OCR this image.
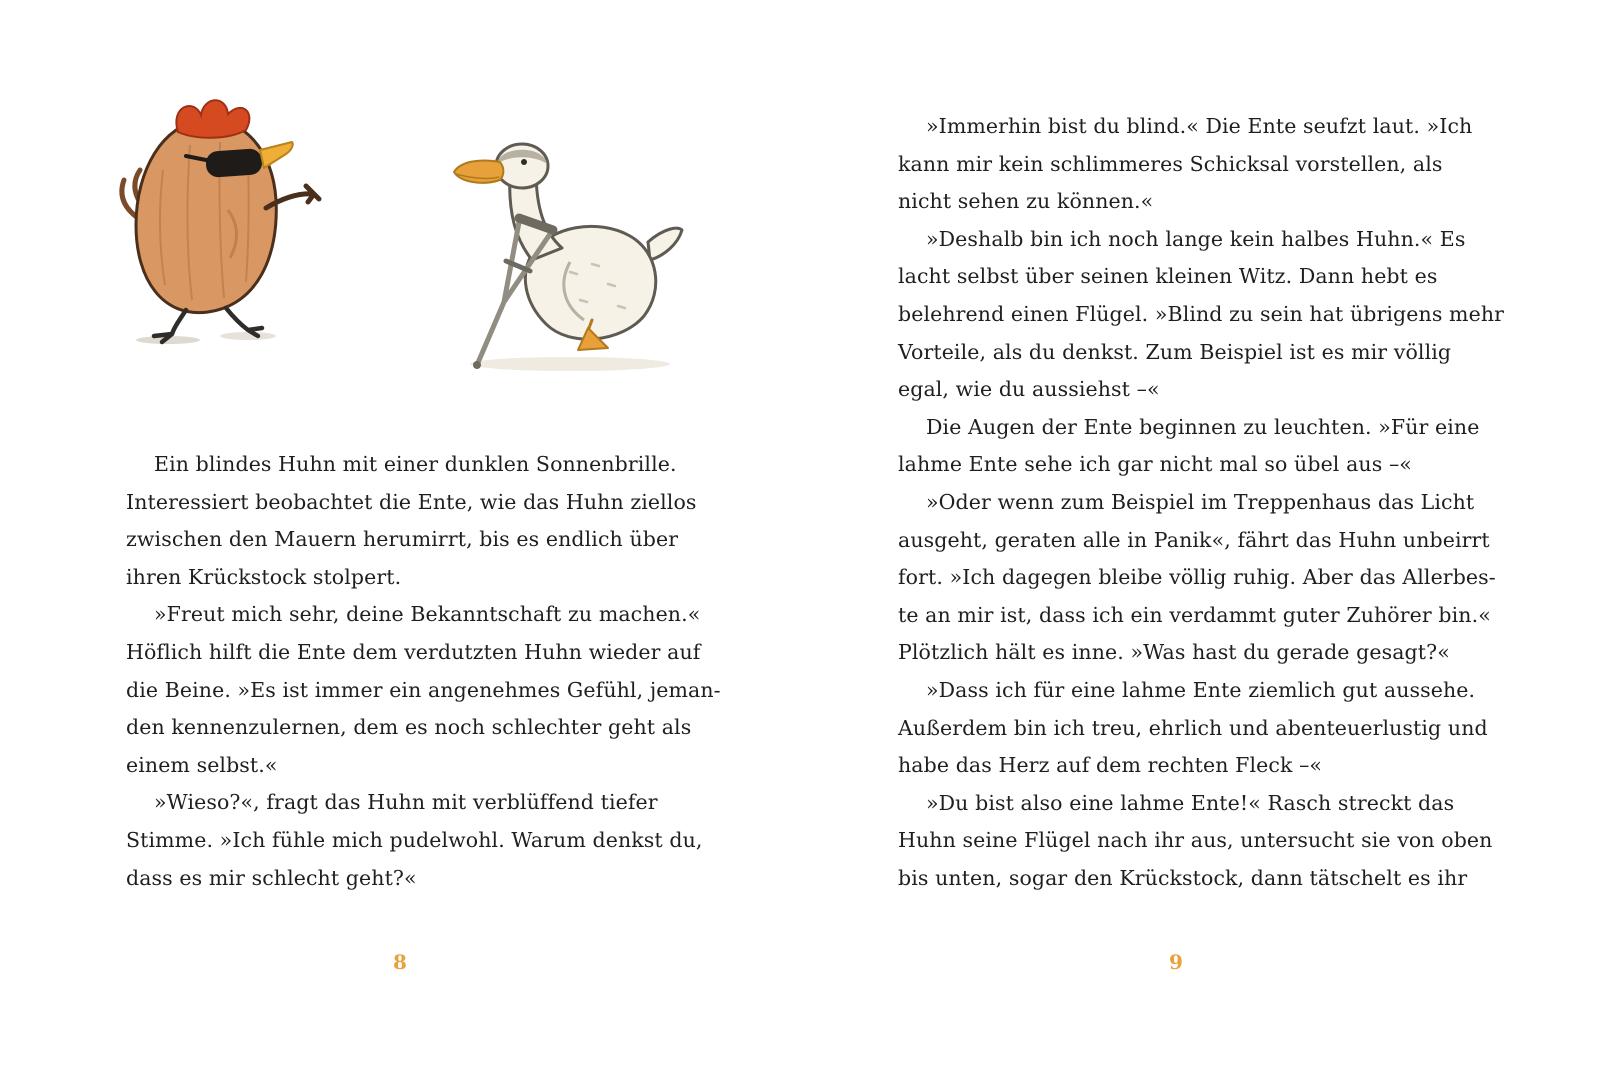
Ein blindes Huhn mit einer dunklen Sonnenbrille.
Interessiert beobachtet die Ente, wie das Huhn ziellos
zwischen den Mauern herumirrt, bis es endlich über
ihren Krückstock stolpert.
»Freut mich sehr, deine Bekanntschaft zu machen.«
Höflich hilft die Ente dem verdutzten Huhn wieder auf
die Beine. »Es ist immer ein angenehmes Gefühl, jeman-
den kennenzulernen, dem es noch schlechter geht als
einem selbst.«
»Wieso?«, fragt das Huhn mit verblüffend tiefer
Stimme. »Ich fühle mich pudelwohl. Warum denkst du,
dass es mir schlecht geht?«
8
»Immerhin bist du blind.« Die Ente seufzt laut. »Ich
kann mir kein schlimmeres Schicksal vorstellen, als
nicht sehen zu können.«
»Deshalb bin ich noch lange kein halbes Huhn.« Es
lacht selbst über seinen kleinen Witz. Dann hebt es
belehrend einen Flügel. »Blind zu sein hat übrigens mehr
Vorteile, als du denkst. Zum Beispiel ist es mir völlig
egal, wie du aussiehst –«
Die Augen der Ente beginnen zu leuchten. »Für eine
lahme Ente sehe ich gar nicht mal so übel aus –«
»Oder wenn zum Beispiel im Treppenhaus das Licht
ausgeht, geraten alle in Panik«, fährt das Huhn unbeirrt
fort. »Ich dagegen bleibe völlig ruhig. Aber das Allerbes-
te an mir ist, dass ich ein verdammt guter Zuhörer bin.«
Plötzlich hält es inne. »Was hast du gerade gesagt?«
»Dass ich für eine lahme Ente ziemlich gut aussehe.
Außerdem bin ich treu, ehrlich und abenteuerlustig und
habe das Herz auf dem rechten Fleck –«
»Du bist also eine lahme Ente!« Rasch streckt das
Huhn seine Flügel nach ihr aus, untersucht sie von oben
bis unten, sogar den Krückstock, dann tätschelt es ihr
9
